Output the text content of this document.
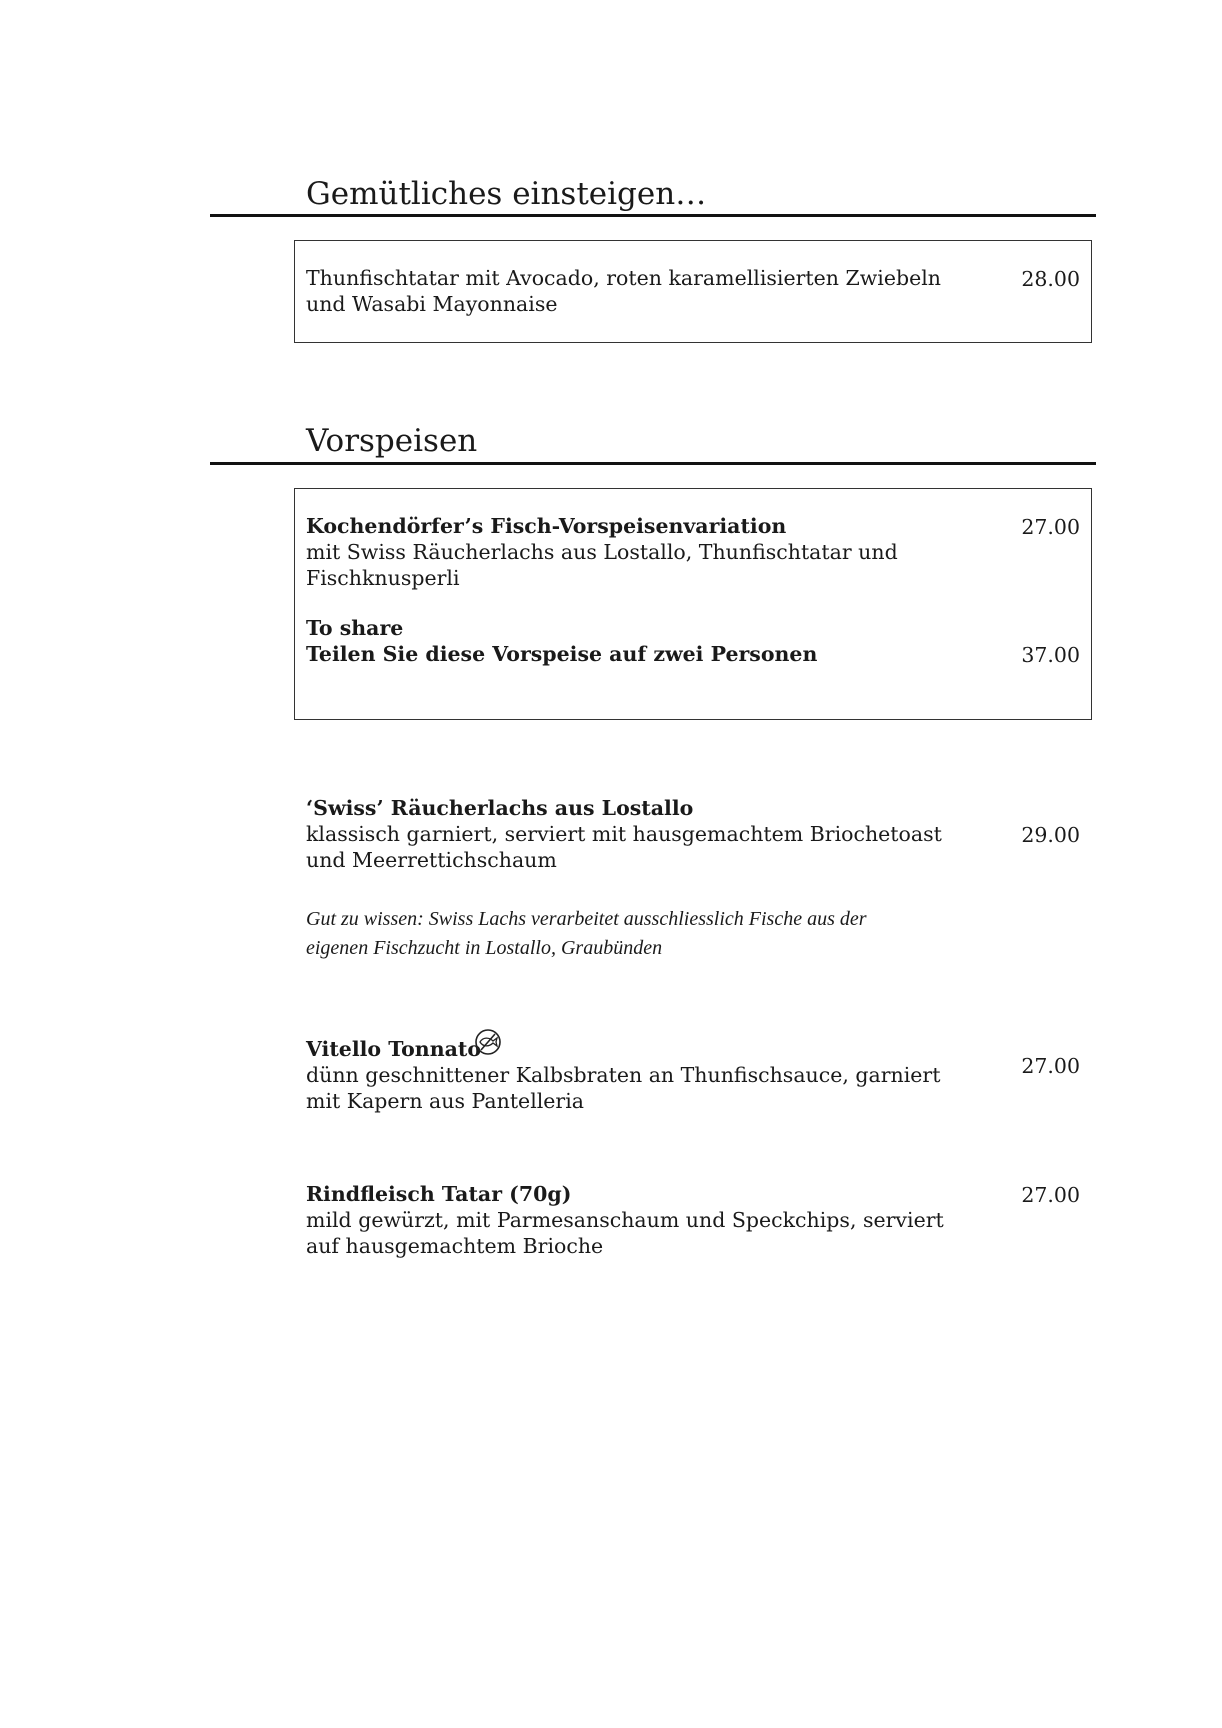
Gemütliches einsteigen…
Thunfischtatar mit Avocado, roten karamellisierten Zwiebeln
und Wasabi Mayonnaise
28.00
Vorspeisen
Kochendörfer’s Fisch-Vorspeisenvariation	27.00
mit Swiss Räucherlachs aus Lostallo, Thunfischtatar und
Fischknusperli
To share
Teilen Sie diese Vorspeise auf zwei Personen	37.00
‘Swiss’ Räucherlachs aus Lostallo
klassisch garniert, serviert mit hausgemachtem Briochetoast	29.00
und Meerrettichschaum
Gut zu wissen: Swiss Lachs verarbeitet ausschliesslich Fische aus der
eigenen Fischzucht in Lostallo, Graubünden
Vitello Tonnato
dünn geschnittener Kalbsbraten an Thunfischsauce, garniert	27.00
mit Kapern aus Pantelleria
Rindfleisch Tatar (70g)	27.00
mild gewürzt, mit Parmesanschaum und Speckchips, serviert
auf hausgemachtem Brioche
